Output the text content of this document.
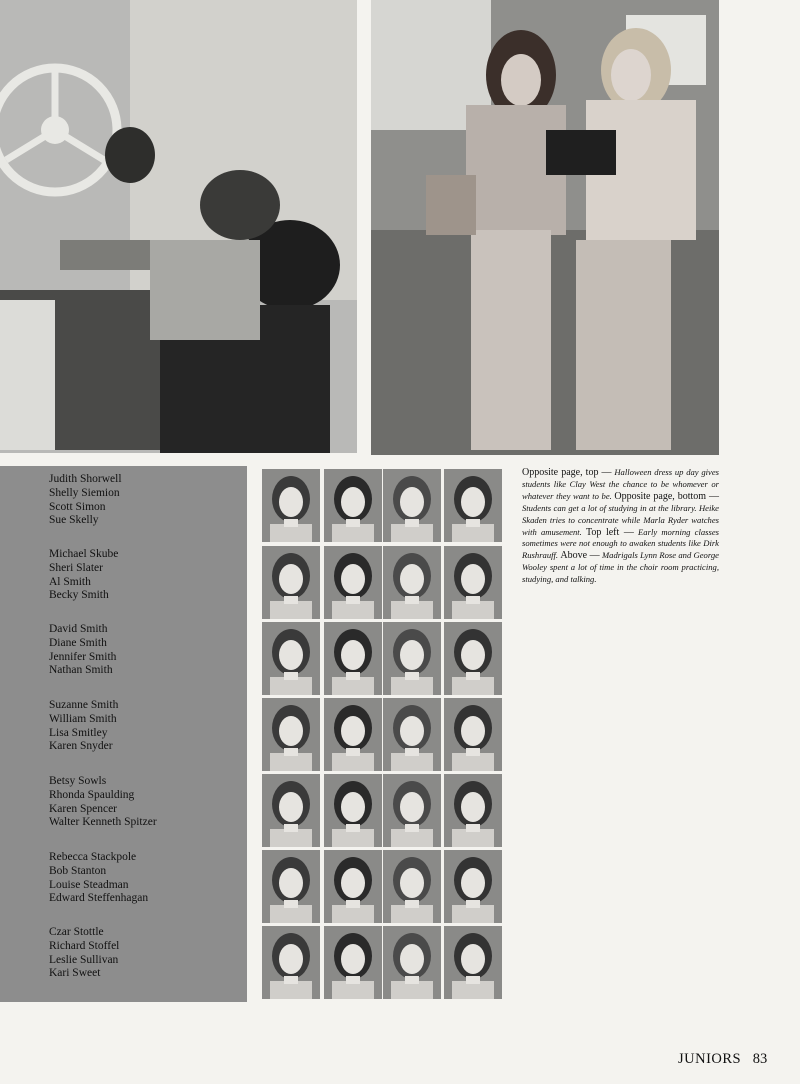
Judith Shorwell
Shelly Siemion
Scott Simon
Sue Skelly
Michael Skube
Sheri Slater
Al Smith
Becky Smith
David Smith
Diane Smith
Jennifer Smith
Nathan Smith
Suzanne Smith
William Smith
Lisa Smitley
Karen Snyder
Betsy Sowls
Rhonda Spaulding
Karen Spencer
Walter Kenneth Spitzer
Rebecca Stackpole
Bob Stanton
Louise Steadman
Edward Steffenhagan
Czar Stottle
Richard Stoffel
Leslie Sullivan
Kari Sweet
Opposite page, top — Halloween dress up day gives students like Clay West the chance to be whomever or whatever they want to be. Opposite page, bottom — Students can get a lot of studying in at the library. Heike Skaden tries to concentrate while Marla Ryder watches with amusement. Top left — Early morning classes sometimes were not enough to awaken students like Dirk Rushrauff. Above — Madrigals Lynn Rose and George Wooley spent a lot of time in the choir room practicing, studying, and talking.
JUNIORS 83
